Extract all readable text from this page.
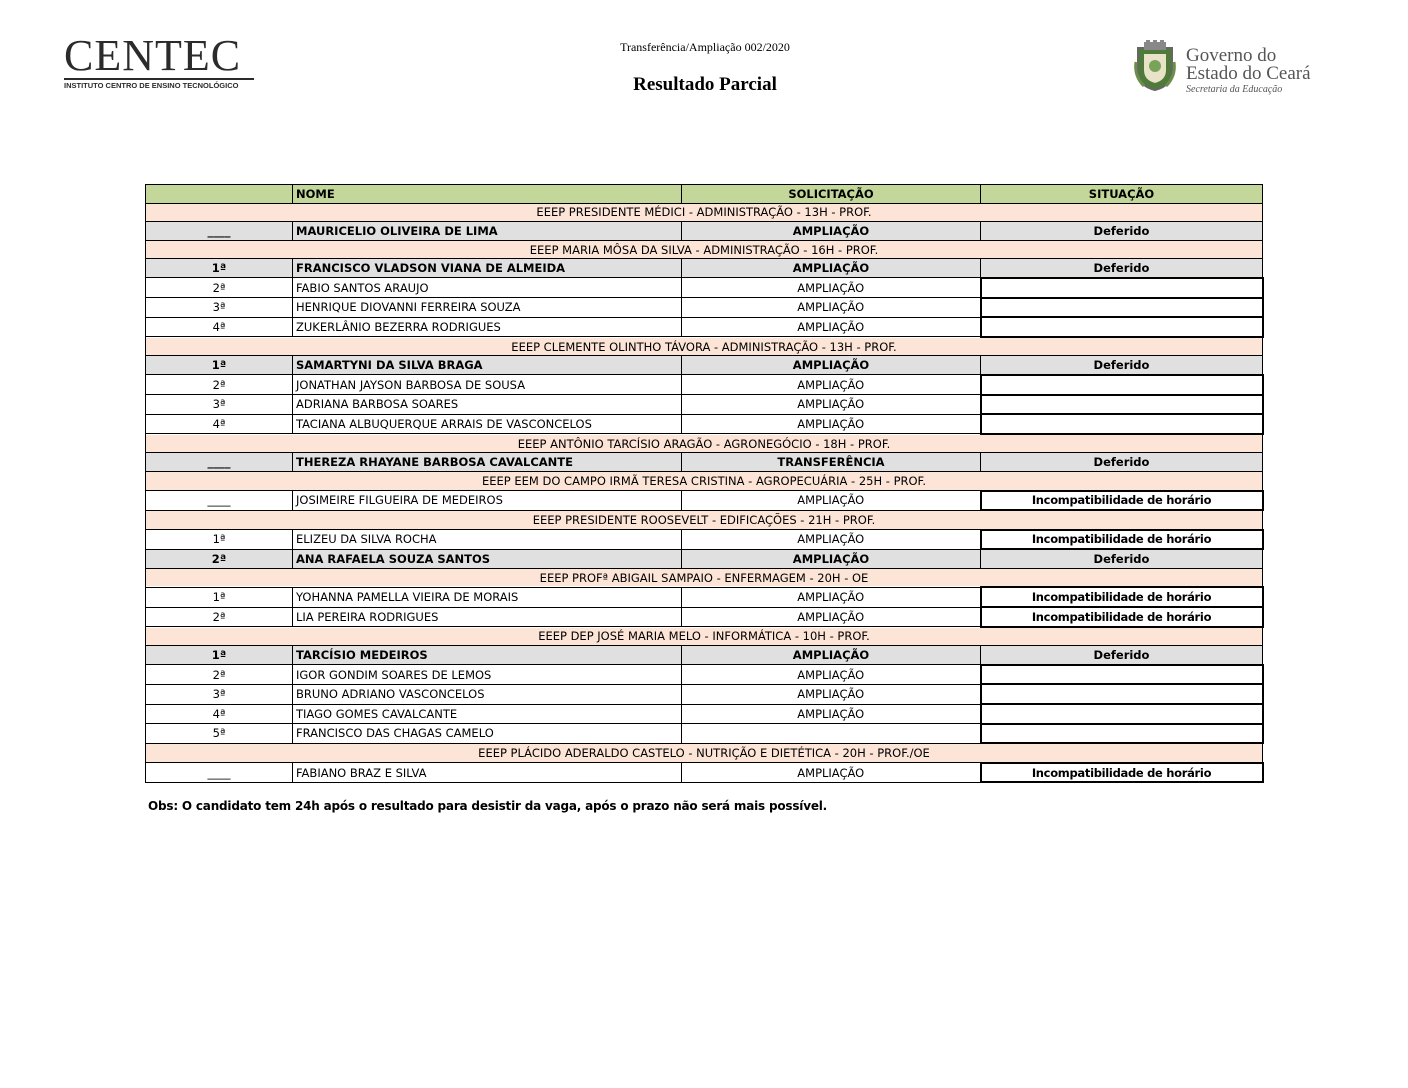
CENTEC
INSTITUTO CENTRO DE ENSINO TECNOLÓGICO
Transferência/Ampliação 002/2020
Resultado Parcial
Governo do
Estado do Ceará
Secretaria da Educação
	NOME	SOLICITAÇÃO	SITUAÇÃO
EEEP PRESIDENTE MÉDICI - ADMINISTRAÇÃO - 13H - PROF.			
____	MAURICELIO OLIVEIRA DE LIMA	AMPLIAÇÃO	Deferido
EEEP MARIA MÔSA DA SILVA - ADMINISTRAÇÃO - 16H - PROF.			
1ª	FRANCISCO VLADSON VIANA DE ALMEIDA	AMPLIAÇÃO	Deferido
2ª	FABIO SANTOS ARAUJO	AMPLIAÇÃO	
3ª	HENRIQUE DIOVANNI FERREIRA SOUZA	AMPLIAÇÃO	
4ª	ZUKERLÂNIO BEZERRA RODRIGUES	AMPLIAÇÃO	
EEEP CLEMENTE OLINTHO TÁVORA - ADMINISTRAÇÃO - 13H - PROF.			
1ª	SAMARTYNI DA SILVA BRAGA	AMPLIAÇÃO	Deferido
2ª	JONATHAN JAYSON BARBOSA DE SOUSA	AMPLIAÇÃO	
3ª	ADRIANA BARBOSA SOARES	AMPLIAÇÃO	
4ª	TACIANA ALBUQUERQUE ARRAIS DE VASCONCELOS	AMPLIAÇÃO	
EEEP ANTÔNIO TARCÍSIO ARAGÃO - AGRONEGÓCIO - 18H - PROF.			
____	THEREZA RHAYANE BARBOSA CAVALCANTE	TRANSFERÊNCIA	Deferido
EEEP EEM DO CAMPO IRMÃ TERESA CRISTINA - AGROPECUÁRIA - 25H - PROF.			
____	JOSIMEIRE FILGUEIRA DE MEDEIROS	AMPLIAÇÃO	Incompatibilidade de horário
EEEP PRESIDENTE ROOSEVELT - EDIFICAÇÕES - 21H - PROF.			
1ª	ELIZEU DA SILVA ROCHA	AMPLIAÇÃO	Incompatibilidade de horário
2ª	ANA RAFAELA SOUZA SANTOS	AMPLIAÇÃO	Deferido
EEEP PROFª ABIGAIL SAMPAIO - ENFERMAGEM - 20H - OE			
1ª	YOHANNA PAMELLA VIEIRA DE MORAIS	AMPLIAÇÃO	Incompatibilidade de horário
2ª	LIA PEREIRA RODRIGUES	AMPLIAÇÃO	Incompatibilidade de horário
EEEP DEP JOSÉ MARIA MELO - INFORMÁTICA - 10H - PROF.			
1ª	TARCÍSIO MEDEIROS	AMPLIAÇÃO	Deferido
2ª	IGOR GONDIM SOARES DE LEMOS	AMPLIAÇÃO	
3ª	BRUNO ADRIANO VASCONCELOS	AMPLIAÇÃO	
4ª	TIAGO GOMES CAVALCANTE	AMPLIAÇÃO	
5ª	FRANCISCO DAS CHAGAS CAMELO		
EEEP PLÁCIDO ADERALDO CASTELO - NUTRIÇÃO E DIETÉTICA - 20H - PROF./OE			
____	FABIANO BRAZ E SILVA	AMPLIAÇÃO	Incompatibilidade de horário
Obs: O candidato tem 24h após o resultado para desistir da vaga, após o prazo não será mais possível.
